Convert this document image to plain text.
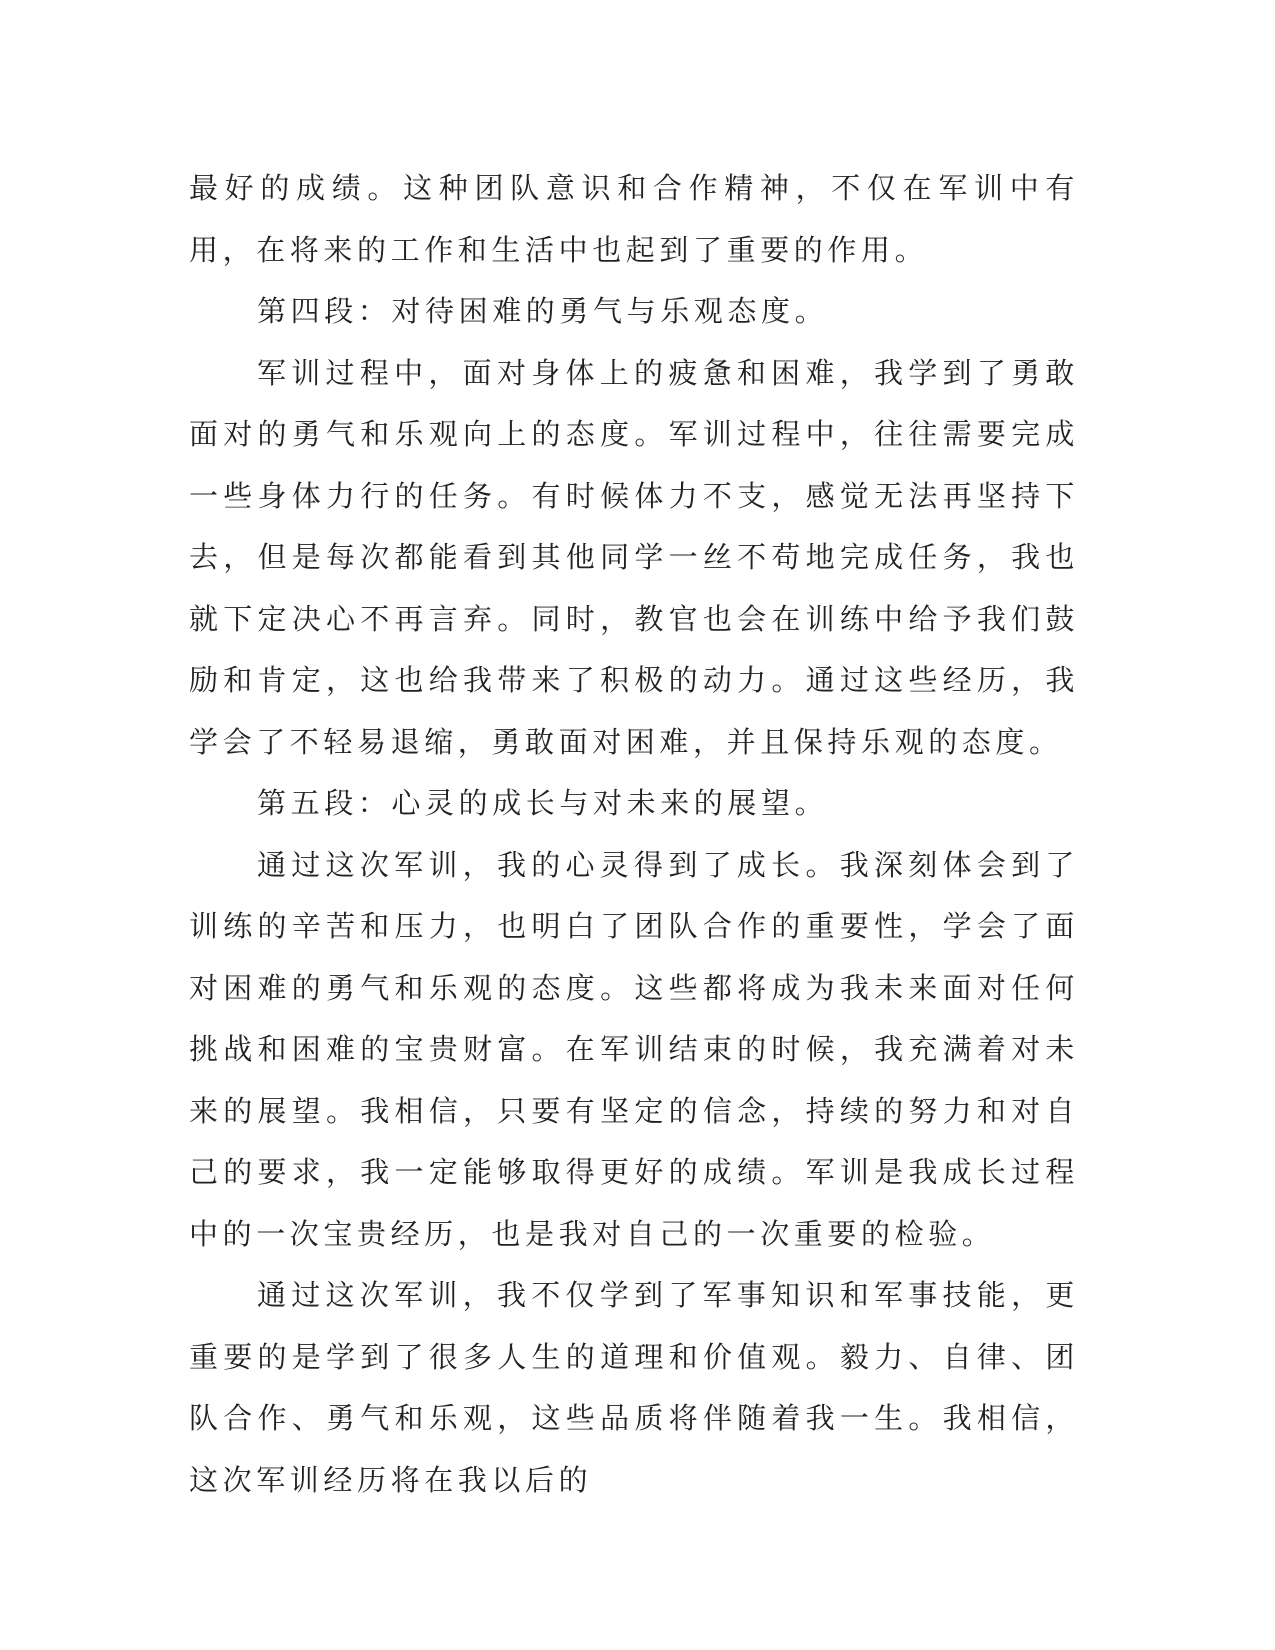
最好的成绩。这种团队意识和合作精神，不仅在军训中有用，在将来的工作和生活中也起到了重要的作用。

第四段：对待困难的勇气与乐观态度。

军训过程中，面对身体上的疲惫和困难，我学到了勇敢面对的勇气和乐观向上的态度。军训过程中，往往需要完成一些身体力行的任务。有时候体力不支，感觉无法再坚持下去，但是每次都能看到其他同学一丝不苟地完成任务，我也就下定决心不再言弃。同时，教官也会在训练中给予我们鼓励和肯定，这也给我带来了积极的动力。通过这些经历，我学会了不轻易退缩，勇敢面对困难，并且保持乐观的态度。

第五段：心灵的成长与对未来的展望。

通过这次军训，我的心灵得到了成长。我深刻体会到了训练的辛苦和压力，也明白了团队合作的重要性，学会了面对困难的勇气和乐观的态度。这些都将成为我未来面对任何挑战和困难的宝贵财富。在军训结束的时候，我充满着对未来的展望。我相信，只要有坚定的信念，持续的努力和对自己的要求，我一定能够取得更好的成绩。军训是我成长过程中的一次宝贵经历，也是我对自己的一次重要的检验。

通过这次军训，我不仅学到了军事知识和军事技能，更重要的是学到了很多人生的道理和价值观。毅力、自律、团队合作、勇气和乐观，这些品质将伴随着我一生。我相信，这次军训经历将在我以后的
